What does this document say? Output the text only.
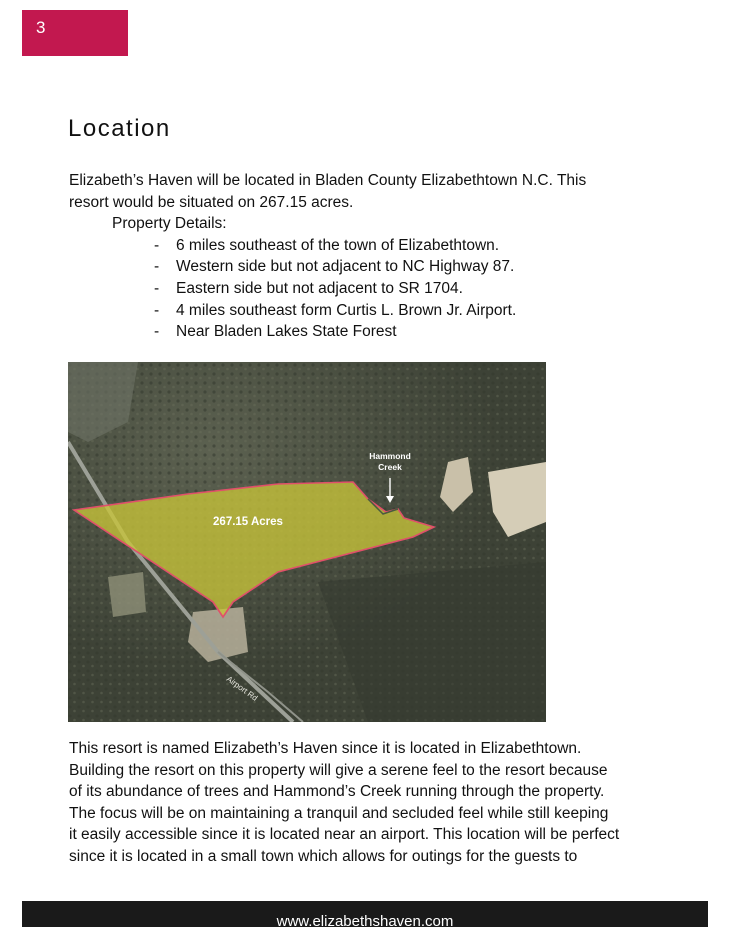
3
Location

Elizabeth’s Haven will be located in Bladen County Elizabethtown N.C. This
resort would be situated on 267.15 acres.

Property Details:
- 6 miles southeast of the town of Elizabethtown.
- Western side but not adjacent to NC Highway 87.
- Eastern side but not adjacent to SR 1704.
- 4 miles southeast form Curtis L. Brown Jr. Airport.
- Near Bladen Lakes State Forest
Hammond
Creek
267.15 Acres
Airport Rd

This resort is named Elizabeth’s Haven since it is located in Elizabethtown.
Building the resort on this property will give a serene feel to the resort because
of its abundance of trees and Hammond’s Creek running through the property.
The focus will be on maintaining a tranquil and secluded feel while still keeping
it easily accessible since it is located near an airport. This location will be perfect
since it is located in a small town which allows for outings for the guests to

www.elizabethshaven.com
